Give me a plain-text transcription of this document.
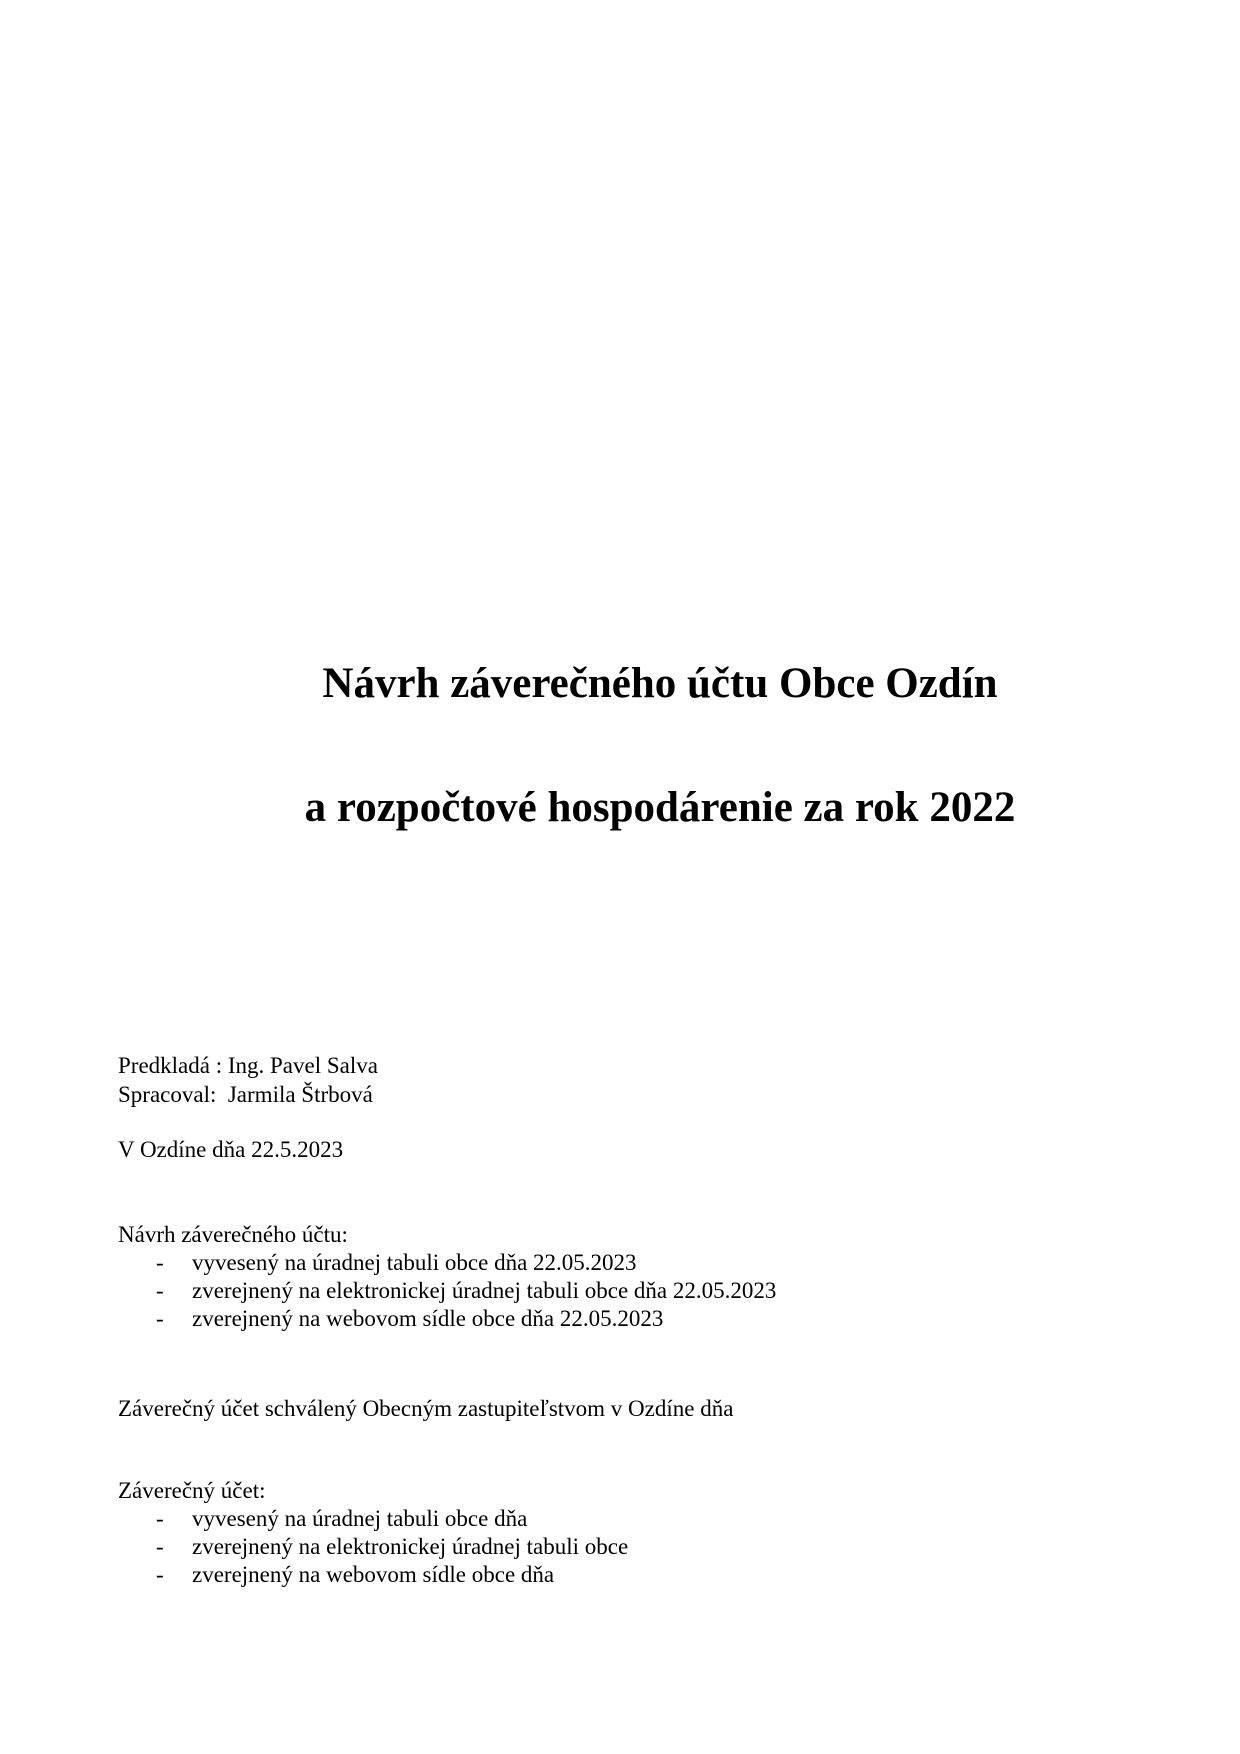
Návrh záverečného účtu Obce Ozdín
a rozpočtové hospodárenie za rok 2022
Predkladá : Ing. Pavel Salva
Spracoval:  Jarmila Štrbová
V Ozdíne dňa 22.5.2023
Návrh záverečného účtu:
-	vyvesený na úradnej tabuli obce dňa 22.05.2023
-	zverejnený na elektronickej úradnej tabuli obce dňa 22.05.2023
-	zverejnený na webovom sídle obce dňa 22.05.2023
Záverečný účet schválený Obecným zastupiteľstvom v Ozdíne dňa
Záverečný účet:
-	vyvesený na úradnej tabuli obce dňa
-	zverejnený na elektronickej úradnej tabuli obce
-	zverejnený na webovom sídle obce dňa
